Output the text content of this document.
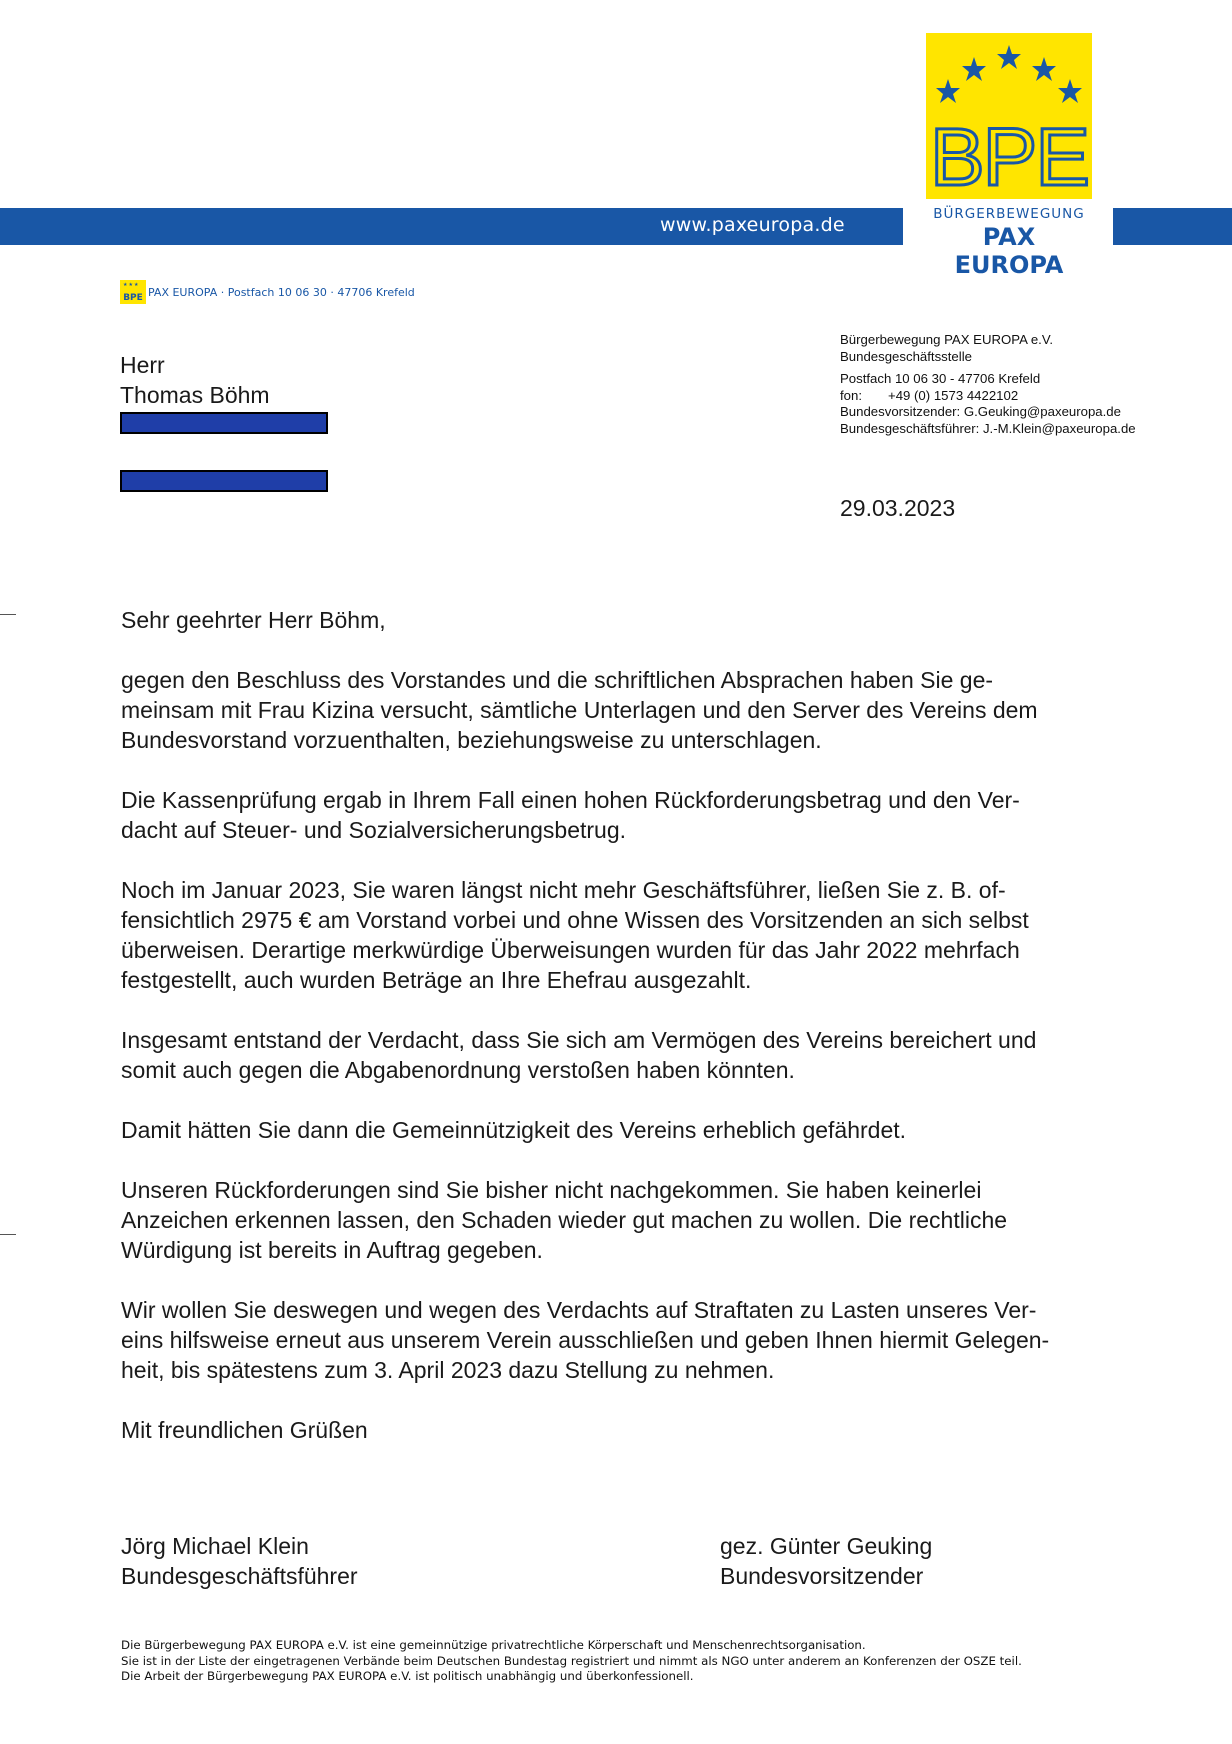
www.paxeuropa.de
BPE
BÜRGERBEWEGUNG
PAX EUROPA
★★★
BPE PAX EUROPA · Postfach 10 06 30 · 47706 Krefeld
Herr
Thomas Böhm
Bürgerbewegung PAX EUROPA e.V.
Bundesgeschäftsstelle
Postfach 10 06 30 - 47706 Krefeld
fon: +49 (0) 1573 4422102
Bundesvorsitzender: G.Geuking@paxeuropa.de
Bundesgeschäftsführer: J.-M.Klein@paxeuropa.de
29.03.2023

Sehr geehrter Herr Böhm,

gegen den Beschluss des Vorstandes und die schriftlichen Absprachen haben Sie ge-
meinsam mit Frau Kizina versucht, sämtliche Unterlagen und den Server des Vereins dem
Bundesvorstand vorzuenthalten, beziehungsweise zu unterschlagen.

Die Kassenprüfung ergab in Ihrem Fall einen hohen Rückforderungsbetrag und den Ver-
dacht auf Steuer- und Sozialversicherungsbetrug.

Noch im Januar 2023, Sie waren längst nicht mehr Geschäftsführer, ließen Sie z. B. of-
fensichtlich 2975 € am Vorstand vorbei und ohne Wissen des Vorsitzenden an sich selbst
überweisen. Derartige merkwürdige Überweisungen wurden für das Jahr 2022 mehrfach
festgestellt, auch wurden Beträge an Ihre Ehefrau ausgezahlt.

Insgesamt entstand der Verdacht, dass Sie sich am Vermögen des Vereins bereichert und
somit auch gegen die Abgabenordnung verstoßen haben könnten.

Damit hätten Sie dann die Gemeinnützigkeit des Vereins erheblich gefährdet.

Unseren Rückforderungen sind Sie bisher nicht nachgekommen. Sie haben keinerlei
Anzeichen erkennen lassen, den Schaden wieder gut machen zu wollen. Die rechtliche
Würdigung ist bereits in Auftrag gegeben.

Wir wollen Sie deswegen und wegen des Verdachts auf Straftaten zu Lasten unseres Ver-
eins hilfsweise erneut aus unserem Verein ausschließen und geben Ihnen hiermit Gelegen-
heit, bis spätestens zum 3. April 2023 dazu Stellung zu nehmen.

Mit freundlichen Grüßen

Jörg Michael Klein
Bundesgeschäftsführer
gez. Günter Geuking
Bundesvorsitzender
Die Bürgerbewegung PAX EUROPA e.V. ist eine gemeinnützige privatrechtliche Körperschaft und Menschenrechtsorganisation.
Sie ist in der Liste der eingetragenen Verbände beim Deutschen Bundestag registriert und nimmt als NGO unter anderem an Konferenzen der OSZE teil.
Die Arbeit der Bürgerbewegung PAX EUROPA e.V. ist politisch unabhängig und überkonfessionell.
